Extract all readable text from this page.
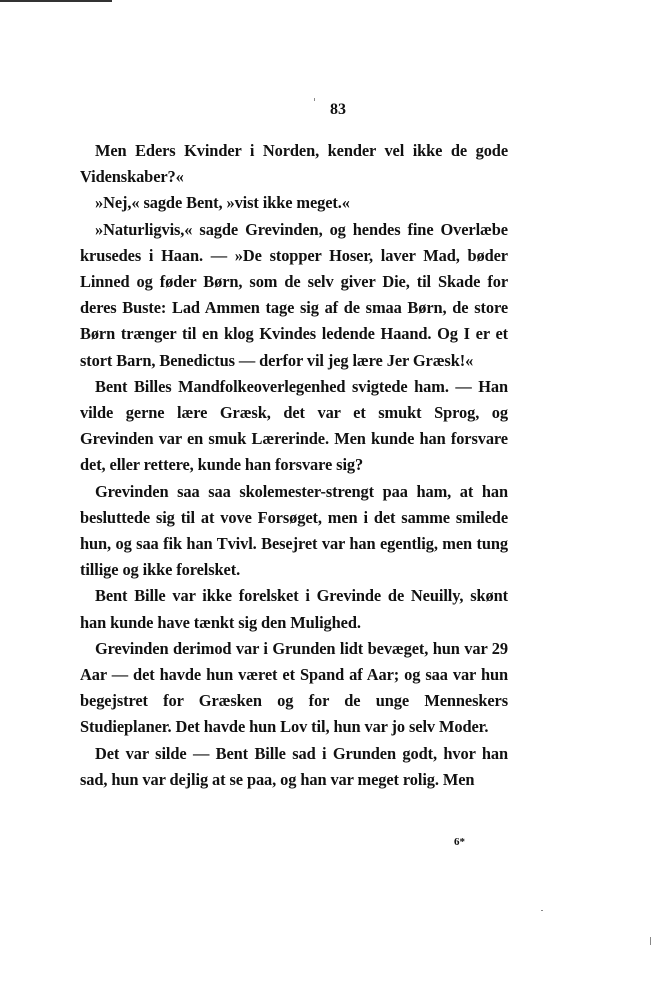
83

Men Eders Kvinder i Norden, kender vel ikke de gode Videnskaber?«

»Nej,« sagde Bent, »vist ikke meget.«

»Naturligvis,« sagde Grevinden, og hendes fine Overlæbe krusedes i Haan. — »De stopper Hoser, laver Mad, bøder Linned og føder Børn, som de selv giver Die, til Skade for deres Buste: Lad Ammen tage sig af de smaa Børn, de store Børn trænger til en klog Kvindes ledende Haand. Og I er et stort Barn, Benedictus — derfor vil jeg lære Jer Græsk!«

Bent Billes Mandfolkeoverlegenhed svigtede ham. — Han vilde gerne lære Græsk, det var et smukt Sprog, og Grevinden var en smuk Lærerinde. Men kunde han forsvare det, eller rettere, kunde han forsvare sig?

Grevinden saa saa skolemester-strengt paa ham, at han besluttede sig til at vove Forsøget, men i det samme smilede hun, og saa fik han Tvivl. Besejret var han egentlig, men tung tillige og ikke forelsket.

Bent Bille var ikke forelsket i Grevinde de Neuilly, skønt han kunde have tænkt sig den Mulighed.

Grevinden derimod var i Grunden lidt bevæget, hun var 29 Aar — det havde hun været et Spand af Aar; og saa var hun begejstret for Græsken og for de unge Menneskers Studieplaner. Det havde hun Lov til, hun var jo selv Moder.

Det var silde — Bent Bille sad i Grunden godt, hvor han sad, hun var dejlig at se paa, og han var meget rolig. Men

6*
